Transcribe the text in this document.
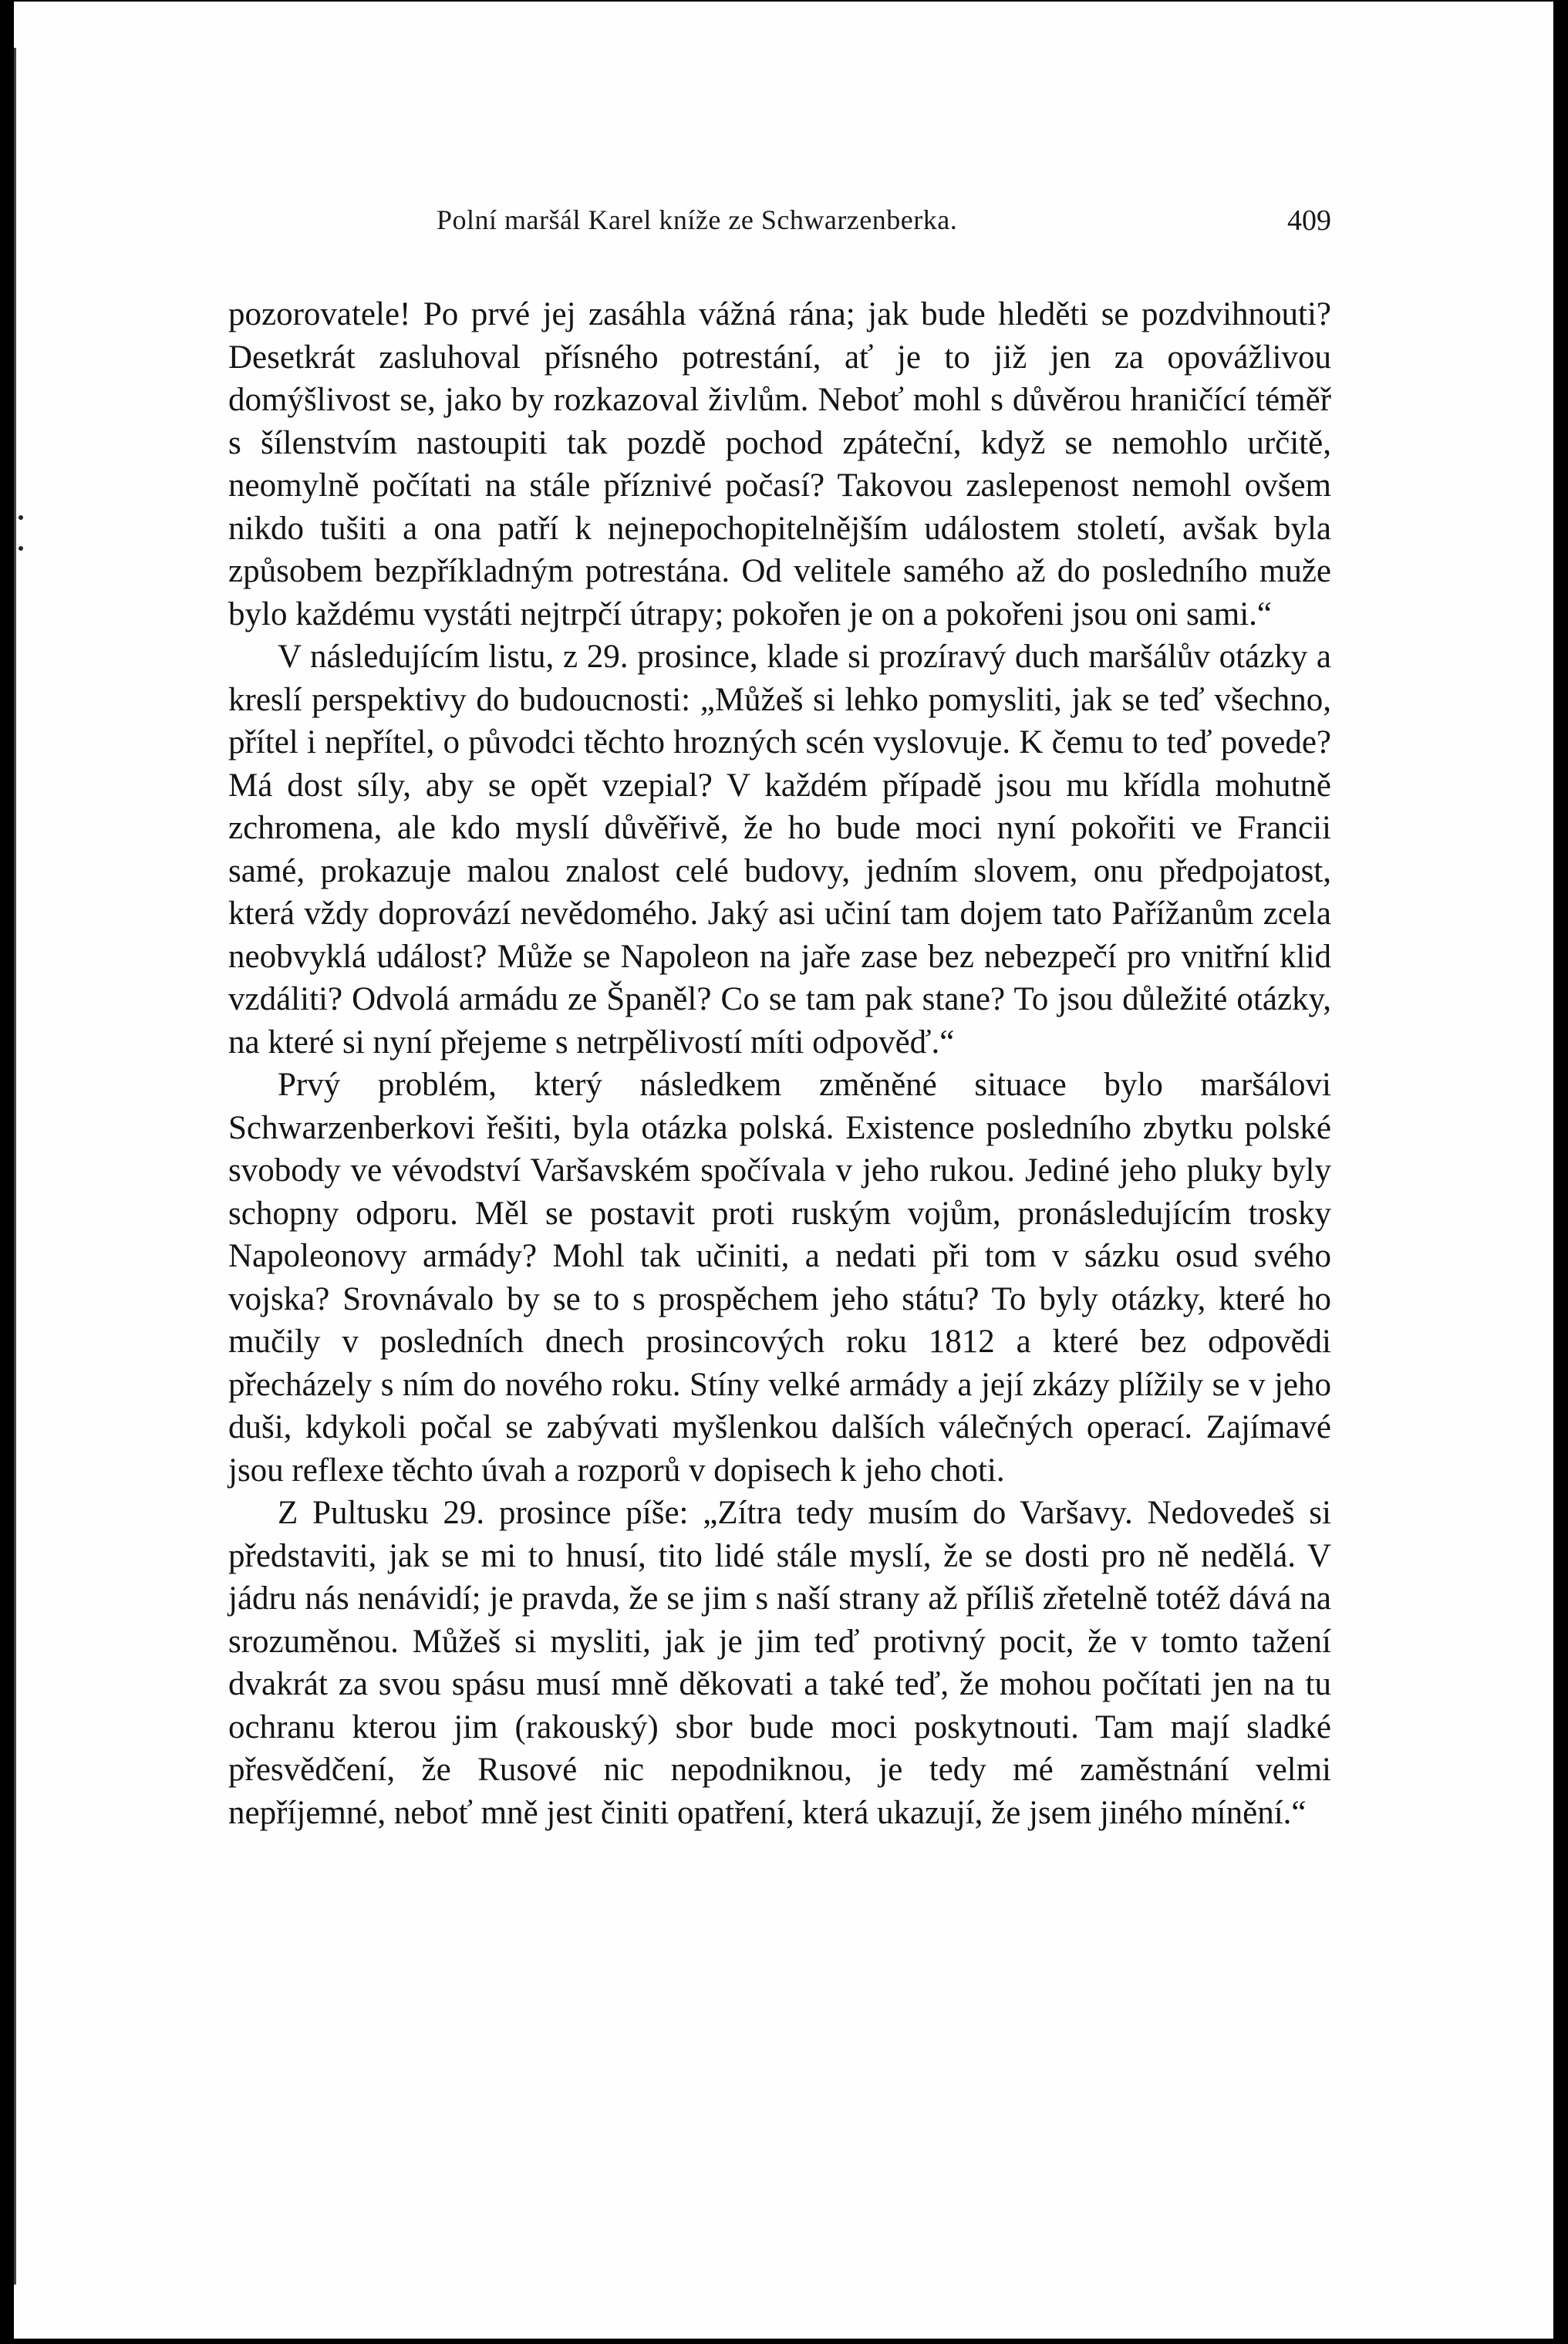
Polní maršál Karel kníže ze Schwarzenberka.	409

pozorovatele! Po prvé jej zasáhla vážná rána; jak bude hleděti se pozdvihnouti? Desetkrát zasluhoval přísného potrestání, ať je to již jen za opovážlivou domýšlivost se, jako by rozkazoval živlům. Neboť mohl s důvěrou hraničící téměř s šílenstvím nastoupiti tak pozdě pochod zpáteční, když se nemohlo určitě, neomylně počítati na stále příznivé počasí? Takovou zaslepenost nemohl ovšem nikdo tušiti a ona patří k nejnepochopitelnějším událostem století, avšak byla způsobem bezpříkladným potrestána. Od velitele samého až do posledního muže bylo každému vystáti nejtrpčí útrapy; pokořen je on a pokořeni jsou oni sami.“

V následujícím listu, z 29. prosince, klade si prozíravý duch maršálův otázky a kreslí perspektivy do budoucnosti: „Můžeš si lehko pomysliti, jak se teď všechno, přítel i nepřítel, o původci těchto hrozných scén vyslovuje. K čemu to teď povede? Má dost síly, aby se opět vzepial? V každém případě jsou mu křídla mohutně zchromena, ale kdo myslí důvěřivě, že ho bude moci nyní pokořiti ve Francii samé, prokazuje malou znalost celé budovy, jedním slovem, onu předpojatost, která vždy doprovází nevědomého. Jaký asi učiní tam dojem tato Pařížanům zcela neobvyklá událost? Může se Napoleon na jaře zase bez nebezpečí pro vnitřní klid vzdáliti? Odvolá armádu ze Španěl? Co se tam pak stane? To jsou důležité otázky, na které si nyní přejeme s netrpělivostí míti odpověď.“

Prvý problém, který následkem změněné situace bylo maršálovi Schwarzenberkovi řešiti, byla otázka polská. Existence posledního zbytku polské svobody ve vévodství Varšavském spočívala v jeho rukou. Jediné jeho pluky byly schopny odporu. Měl se postavit proti ruským vojům, pronásledujícím trosky Napoleonovy armády? Mohl tak učiniti, a nedati při tom v sázku osud svého vojska? Srovnávalo by se to s prospěchem jeho státu? To byly otázky, které ho mučily v posledních dnech prosincových roku 1812 a které bez odpovědi přecházely s ním do nového roku. Stíny velké armády a její zkázy plížily se v jeho duši, kdykoli počal se zabývati myšlenkou dalších válečných operací. Zajímavé jsou reflexe těchto úvah a rozporů v dopisech k jeho choti.

Z Pultusku 29. prosince píše: „Zítra tedy musím do Varšavy. Nedovedeš si představiti, jak se mi to hnusí, tito lidé stále myslí, že se dosti pro ně nedělá. V jádru nás nenávidí; je pravda, že se jim s naší strany až příliš zřetelně totéž dává na srozuměnou. Můžeš si mysliti, jak je jim teď protivný pocit, že v tomto tažení dvakrát za svou spásu musí mně děkovati a také teď, že mohou počítati jen na tu ochranu kterou jim (rakouský) sbor bude moci poskytnouti. Tam mají sladké přesvědčení, že Rusové nic nepodniknou, je tedy mé zaměstnání velmi nepříjemné, neboť mně jest činiti opatření, která ukazují, že jsem jiného mínění.“
